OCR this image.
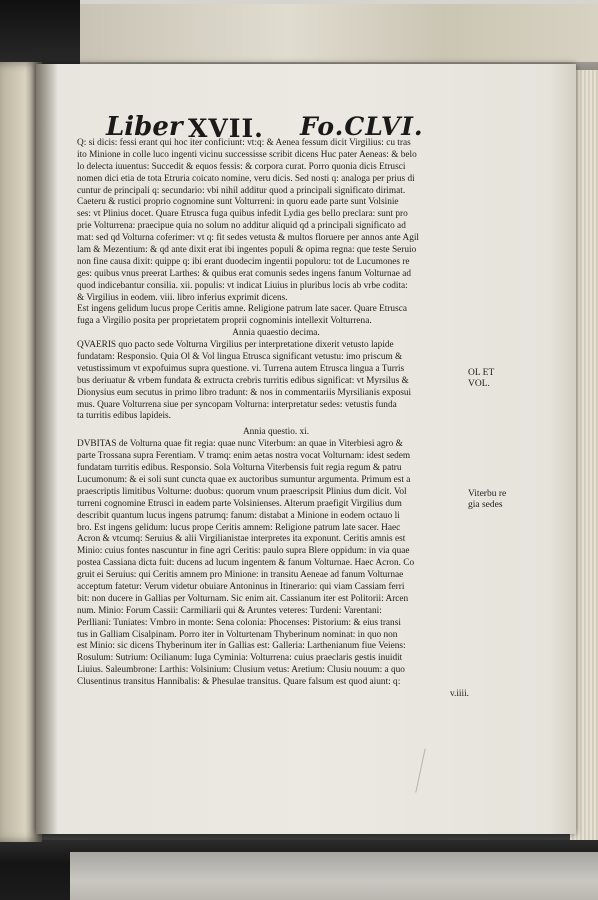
Liber XVII. Fo.CLVI.
Q: si dicis: fessi erant qui hoc iter conficiunt: vt:q: & Aenea fessum dicit Virgilius: cu tras
ito Minione in colle luco ingenti vicinu successisse scribit dicens Huc pater Aeneas: & belo
lo delecta iuuentus: Succedit & equos fessis: & corpora curat. Porro quonia dicis Etrusci
nomen dici etia de tota Etruria coicato nomine, veru dicis. Sed nosti q: analoga per prius di
cuntur de principali q: secundario: vbi nihil additur quod a principali significato dirimat.
Caeteru & rustici proprio cognomine sunt Volturreni: in quoru eade parte sunt Volsinie
ses: vt Plinius docet. Quare Etrusca fuga quibus infedit Lydia ges bello preclara: sunt pro
prie Volturrena: praecipue quia no solum no additur aliquid qd a principali significato ad
mat: sed qd Volturna coferimer: vt q: fit sedes vetusta & multos floruere per annos ante Agil
lam & Mezentium: & qd ante dixit erat ibi ingentes populi & opima regna: que teste Seruio
non fine causa dixit: quippe q: ibi erant duodecim ingentii populoru: tot de Lucumones re
ges: quibus vnus preerat Larthes: & quibus erat comunis sedes ingens fanum Volturnae ad
quod indicebantur consilia. xii. populis: vt indicat Liuius in pluribus locis ab vrbe codita:
& Virgilius in eodem. viii. libro inferius exprimit dicens.
Est ingens gelidum lucus prope Ceritis amne. Religione patrum late sacer. Quare Etrusca
fuga a Virgilio posita per proprietatem proprii cognominis intellexit Volturrena.
Annia quaestio decima.
QVAERIS quo pacto sede Volturna Virgilius per interpretatione dixerit vetusto lapide
fundatam: Responsio. Quia Ol & Vol lingua Etrusca significant vetustu: imo priscum &
vetustissimum vt expofuimus supra questione. vi. Turrena autem Etrusca lingua a Turris
bus deriuatur & vrbem fundata & extructa crebris turritis edibus significat: vt Myrsilus &
Dionysius eum secutus in primo libro tradunt: & nos in commentariis Myrsilianis exposui
mus. Quare Volturrena siue per syncopam Volturna: interpretatur sedes: vetustis funda
ta turritis edibus lapideis.
Annia questio. xi.
DVBITAS de Volturna quae fit regia: quae nunc Viterbum: an quae in Viterbiesi agro &
parte Trossana supra Ferentiam. V tramq: enim aetas nostra vocat Volturnam: idest sedem
fundatam turritis edibus. Responsio. Sola Volturna Viterbensis fuit regia regum & patru
Lucumonum: & ei soli sunt cuncta quae ex auctoribus sumuntur argumenta. Primum est a
praescriptis limitibus Volturne: duobus: quorum vnum praescripsit Plinius dum dicit. Vol
turreni cognomine Etrusci in eadem parte Volsinienses. Alterum praefigit Virgilius dum
describit quantum lucus ingens patrumq: fanum: distabat a Minione in eodem octauo li
bro. Est ingens gelidum: lucus prope Ceritis amnem: Religione patrum late sacer. Haec
Acron & vtcumq: Seruius & alii Virgilianistae interpretes ita exponunt. Ceritis amnis est
Minio: cuius fontes nascuntur in fine agri Ceritis: paulo supra Blere oppidum: in via quae
postea Cassiana dicta fuit: ducens ad lucum ingentem & fanum Volturnae. Haec Acron. Co
gruit ei Seruius: qui Ceritis amnem pro Minione: in transitu Aeneae ad fanum Volturnae
acceptum fatetur: Verum videtur obuiare Antoninus in Itinerario: qui viam Cassiam ferri
bit: non ducere in Gallias per Volturnam. Sic enim ait. Cassianum iter est Politorii: Arcen
num. Minio: Forum Cassii: Carmiliarii qui & Aruntes veteres: Turdeni: Varentani:
Perlliani: Tuniates: Vmbro in monte: Sena colonia: Phocenses: Pistorium: & eius transi
tus in Galliam Cisalpinam. Porro iter in Volturtenam Thyberinum nominat: in quo non
est Minio: sic dicens Thyberinum iter in Gallias est: Galleria: Larthenianum fiue Veiens:
Rosulum: Sutrium: Ocilianum: Iuga Cyminia: Volturrena: cuius praeclaris gestis inuidit
Liuius. Saleumbrone: Larthis: Volsinium: Clusium vetus: Aretium: Clusiu nouum: a quo
Clusentinus transitus Hannibalis: & Phesulae transitus. Quare falsum est quod aiunt: q:
v.iiii.
OL ET
VOL.
Viterbu re
gia sedes
